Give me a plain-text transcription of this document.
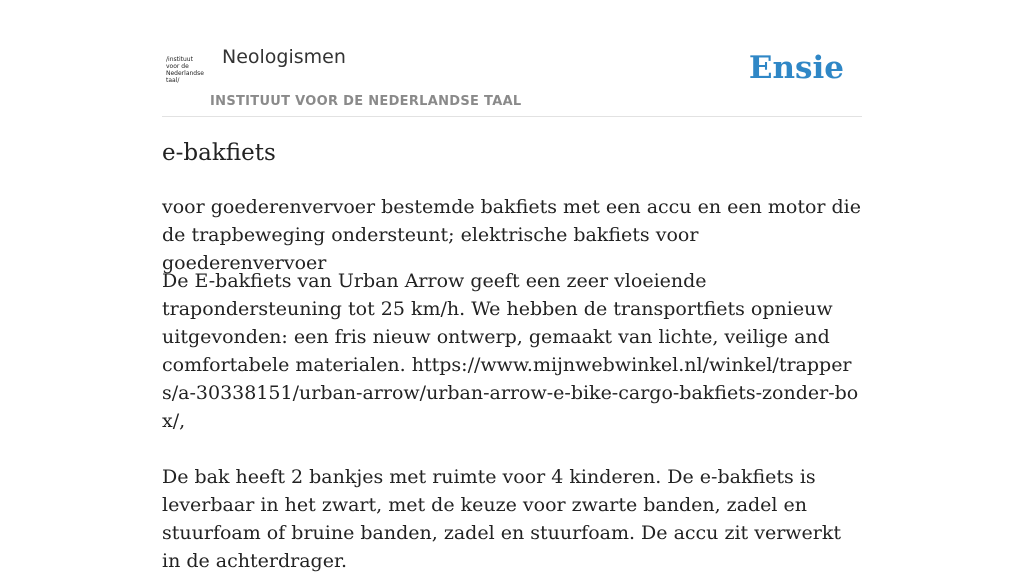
/instituut
voor de
Nederlandse
taal/
Neologismen
INSTITUUT VOOR DE NEDERLANDSE TAAL
Ensie
e-bakfiets
voor goederenvervoer bestemde bakfiets met een accu en een motor die de trapbeweging ondersteunt; elektrische bakfiets voor goederenvervoer

De E-bakfiets van Urban Arrow geeft een zeer vloeiende trapondersteuning tot 25 km/h. We hebben de transportfiets opnieuw uitgevonden: een fris nieuw ontwerp, gemaakt van lichte, veilige and comfortabele materialen. https://www.mijnwebwinkel.nl/winkel/trappers/a-30338151/urban-arrow/urban-arrow-e-bike-cargo-bakfiets-zonder-box/,

De bak heeft 2 bankjes met ruimte voor 4 kinderen. De e-bakfiets is leverbaar in het zwart, met de keuze voor zwarte banden, zadel en stuurfoam of bruine banden, zadel en stuurfoam. De accu zit verwerkt in de achterdrager.
